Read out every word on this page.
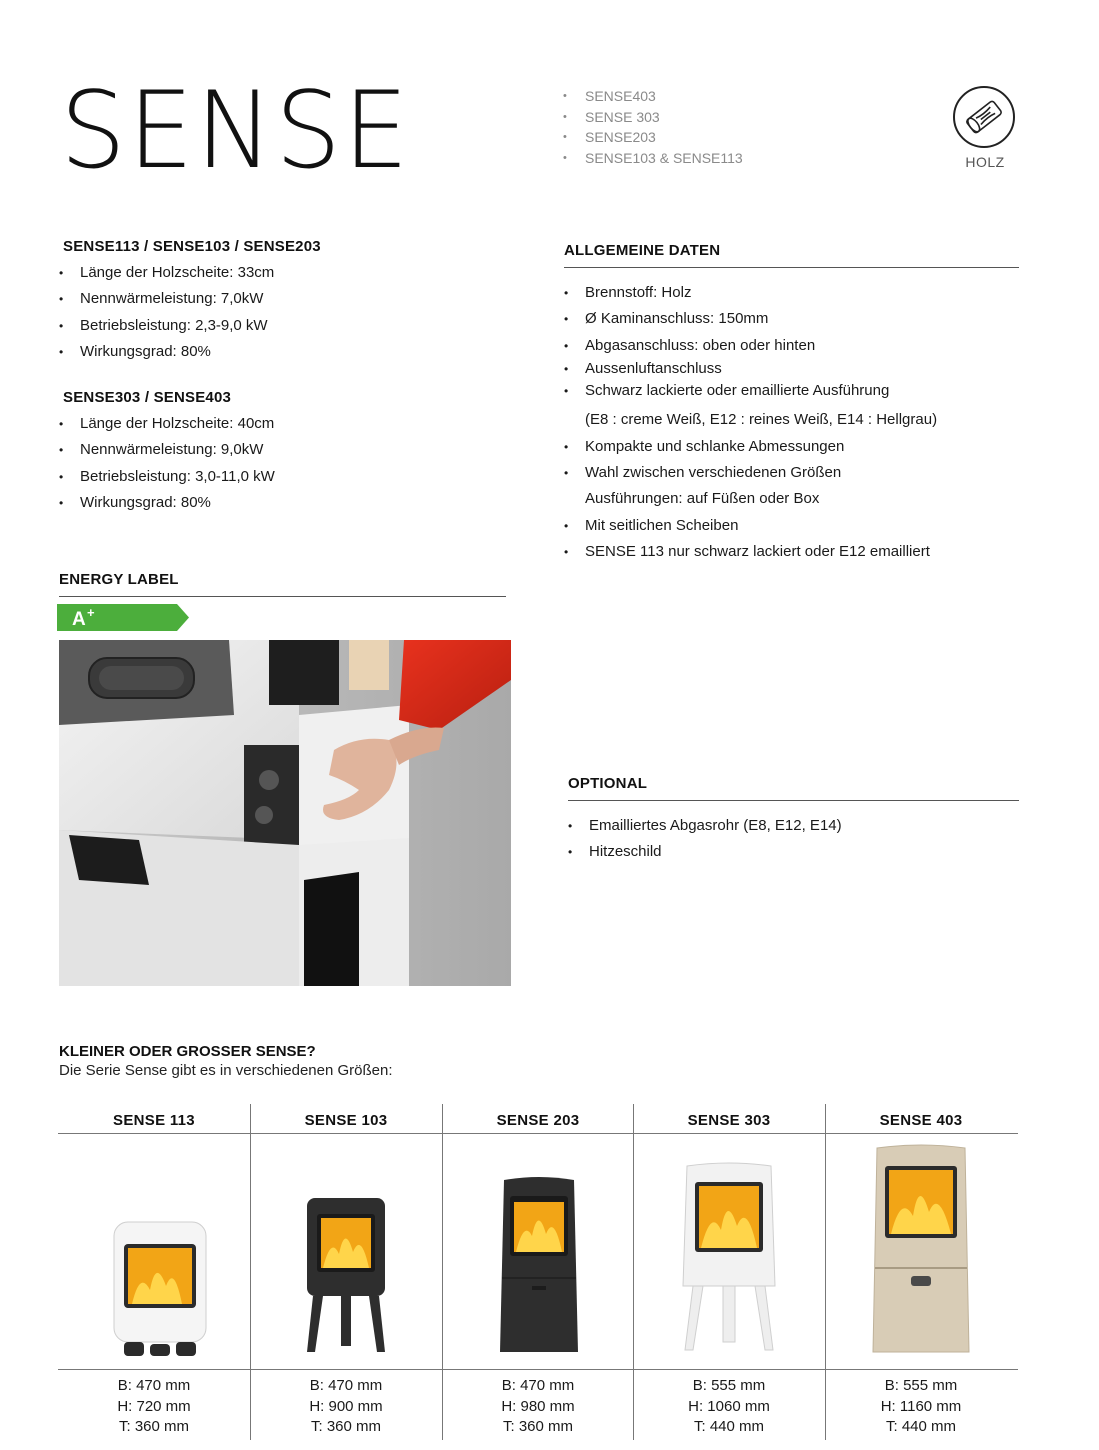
SENSE
•	SENSE403
• SENSE 303
• SENSE203
• SENSE103 & SENSE113	HOLZ
SENSE113 / SENSE103 / SENSE203
• Länge der Holzscheite: 33cm
• Nennwärmeleistung: 7,0kW
• Betriebsleistung: 2,3-9,0 kW
• Wirkungsgrad: 80%
SENSE303 / SENSE403
• Länge der Holzscheite: 40cm
• Nennwärmeleistung: 9,0kW
• Betriebsleistung: 3,0-11,0 kW
• Wirkungsgrad: 80%
ALLGEMEINE DATEN
• Brennstoff: Holz
• Ø Kaminanschluss: 150mm
• Abgasanschluss: oben oder hinten
• Aussenluftanschluss
• Schwarz lackierte oder emaillierte Ausführung
(E8 : creme Weiß, E12 : reines Weiß, E14 : Hellgrau)
• Kompakte und schlanke Abmessungen
• Wahl zwischen verschiedenen Größen
Ausführungen: auf Füßen oder Box
• Mit seitlichen Scheiben
• SENSE 113 nur schwarz lackiert oder E12 emailliert
ENERGY LABEL
A +
OPTIONAL
• Emailliertes Abgasrohr (E8, E12, E14)
• Hitzeschild
KLEINER ODER GROSSER SENSE?
Die Serie Sense gibt es in verschiedenen Größen:
SENSE 113
B: 470 mm
H: 720 mm
T: 360 mm
SENSE 103
B: 470 mm
H: 900 mm
T: 360 mm
SENSE 203
B: 470 mm
H: 980 mm
T: 360 mm
SENSE 303
B: 555 mm
H: 1060 mm
T: 440 mm
SENSE 403
B: 555 mm
H: 1160 mm
T: 440 mm
